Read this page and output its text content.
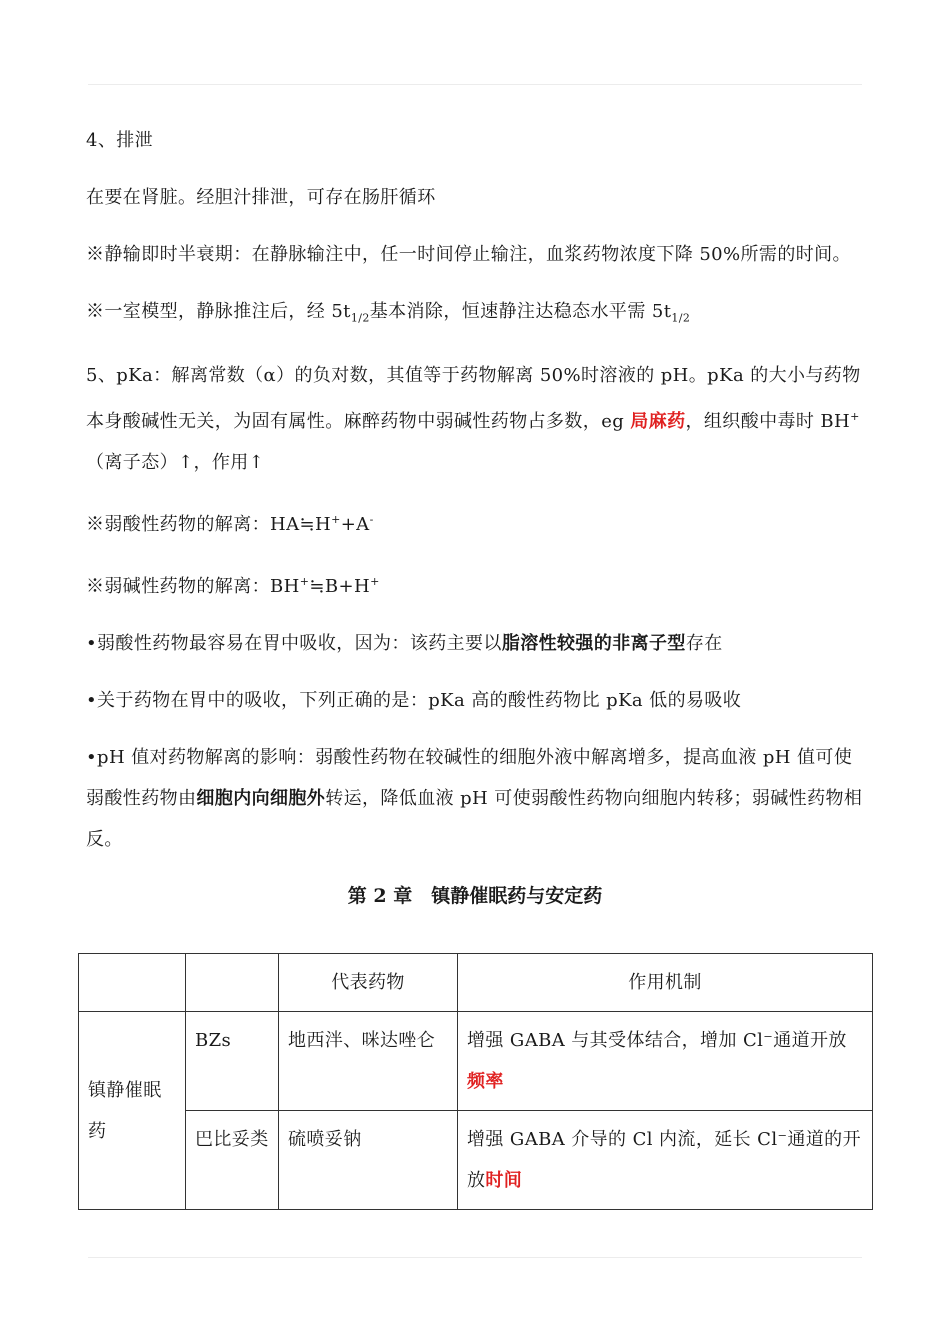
4、排泄

在要在肾脏。经胆汁排泄，可存在肠肝循环

※静输即时半衰期：在静脉输注中，任一时间停止输注，血浆药物浓度下降 50%所需的时间。

※一室模型，静脉推注后，经 $5t_{1/2}$基本消除，恒速静注达稳态水平需 $5t_{1/2}$

5、pKa：解离常数（α）的负对数，其值等于药物解离 50%时溶液的 pH。pKa 的大小与药物本身酸碱性无关，为固有属性。麻醉药物中弱碱性药物占多数，eg 局麻药，组织酸中毒时 BH+（离子态）↑，作用↑

※弱酸性药物的解离：HA≒H++A-

※弱碱性药物的解离：BH+≒B+H+

•弱酸性药物最容易在胃中吸收，因为：该药主要以脂溶性较强的非离子型存在

•关于药物在胃中的吸收，下列正确的是：pKa 高的酸性药物比 pKa 低的易吸收

•pH 值对药物解离的影响：弱酸性药物在较碱性的细胞外液中解离增多，提高血液 pH 值可使弱酸性药物由细胞内向细胞外转运，降低血液 pH 可使弱酸性药物向细胞内转移；弱碱性药物相反。

第 2 章　镇静催眠药与安定药
		代表药物	作用机制
镇静催眠药	BZs	地西泮、咪达唑仑	增强 GABA 与其受体结合，增加 Cl⁻通道开放频率
	巴比妥类	硫喷妥钠	增强 GABA 介导的 Cl 内流，延长 Cl⁻通道的开放时间
